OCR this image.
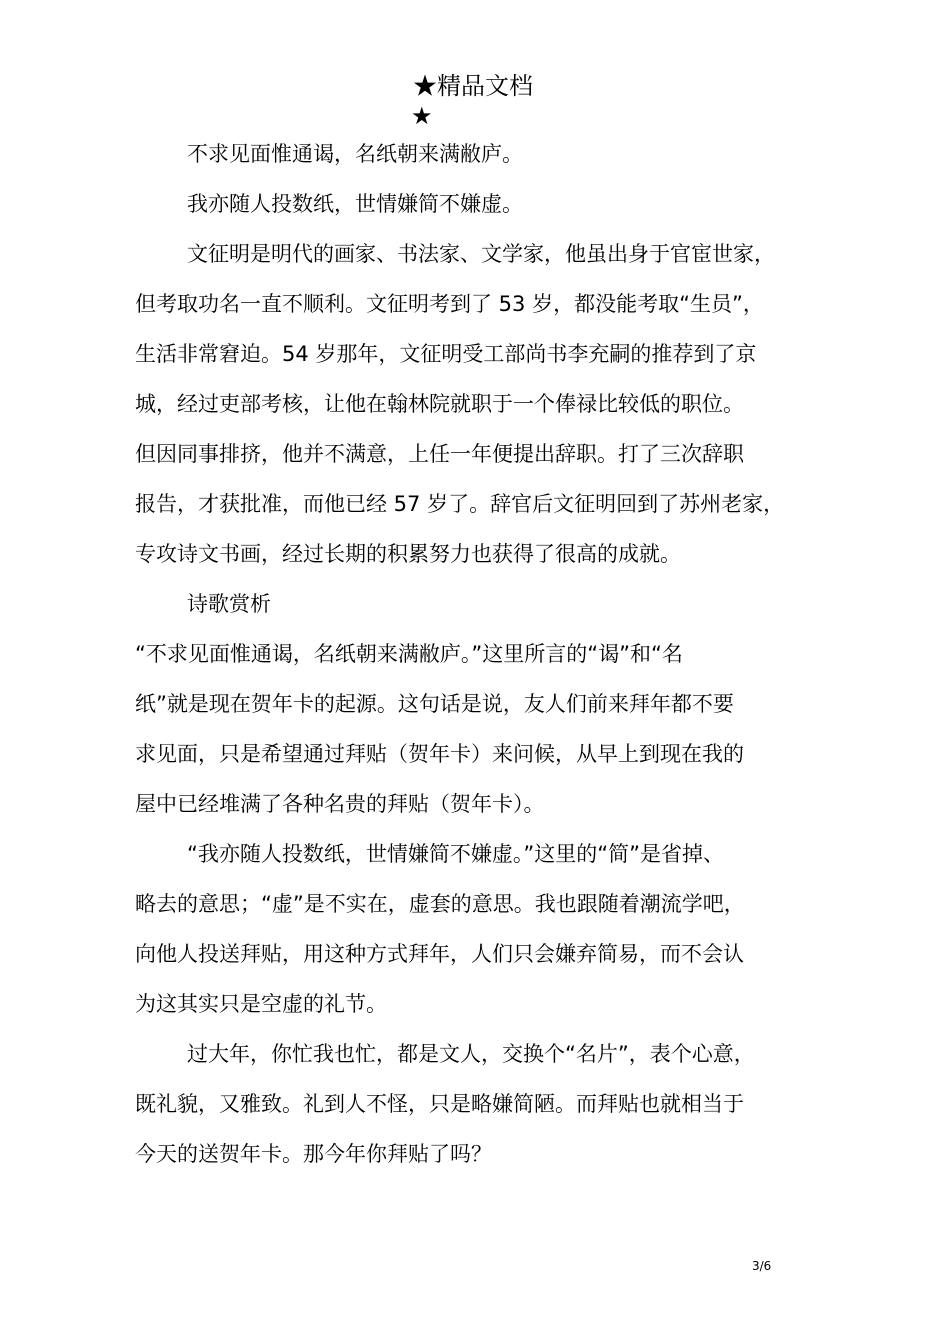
★精品文档
★
不求见面惟通谒，名纸朝来满敝庐。
我亦随人投数纸，世情嫌简不嫌虚。
文征明是明代的画家、书法家、文学家，他虽出身于官宦世家，
但考取功名一直不顺利。文征明考到了 53 岁，都没能考取“生员”，
生活非常窘迫。54 岁那年，文征明受工部尚书李充嗣的推荐到了京
城，经过吏部考核，让他在翰林院就职于一个俸禄比较低的职位。
但因同事排挤，他并不满意，上任一年便提出辞职。打了三次辞职
报告，才获批准，而他已经 57 岁了。辞官后文征明回到了苏州老家，
专攻诗文书画，经过长期的积累努力也获得了很高的成就。
诗歌赏析
“不求见面惟通谒，名纸朝来满敝庐。”这里所言的“谒”和“名
纸”就是现在贺年卡的起源。这句话是说，友人们前来拜年都不要
求见面，只是希望通过拜贴（贺年卡）来问候，从早上到现在我的
屋中已经堆满了各种名贵的拜贴（贺年卡）。
“我亦随人投数纸，世情嫌简不嫌虚。”这里的“简”是省掉、
略去的意思；“虚”是不实在，虚套的意思。我也跟随着潮流学吧，
向他人投送拜贴，用这种方式拜年，人们只会嫌弃简易，而不会认
为这其实只是空虚的礼节。
过大年，你忙我也忙，都是文人，交换个“名片”，表个心意，
既礼貌，又雅致。礼到人不怪，只是略嫌简陋。而拜贴也就相当于
今天的送贺年卡。那今年你拜贴了吗？
3/6
